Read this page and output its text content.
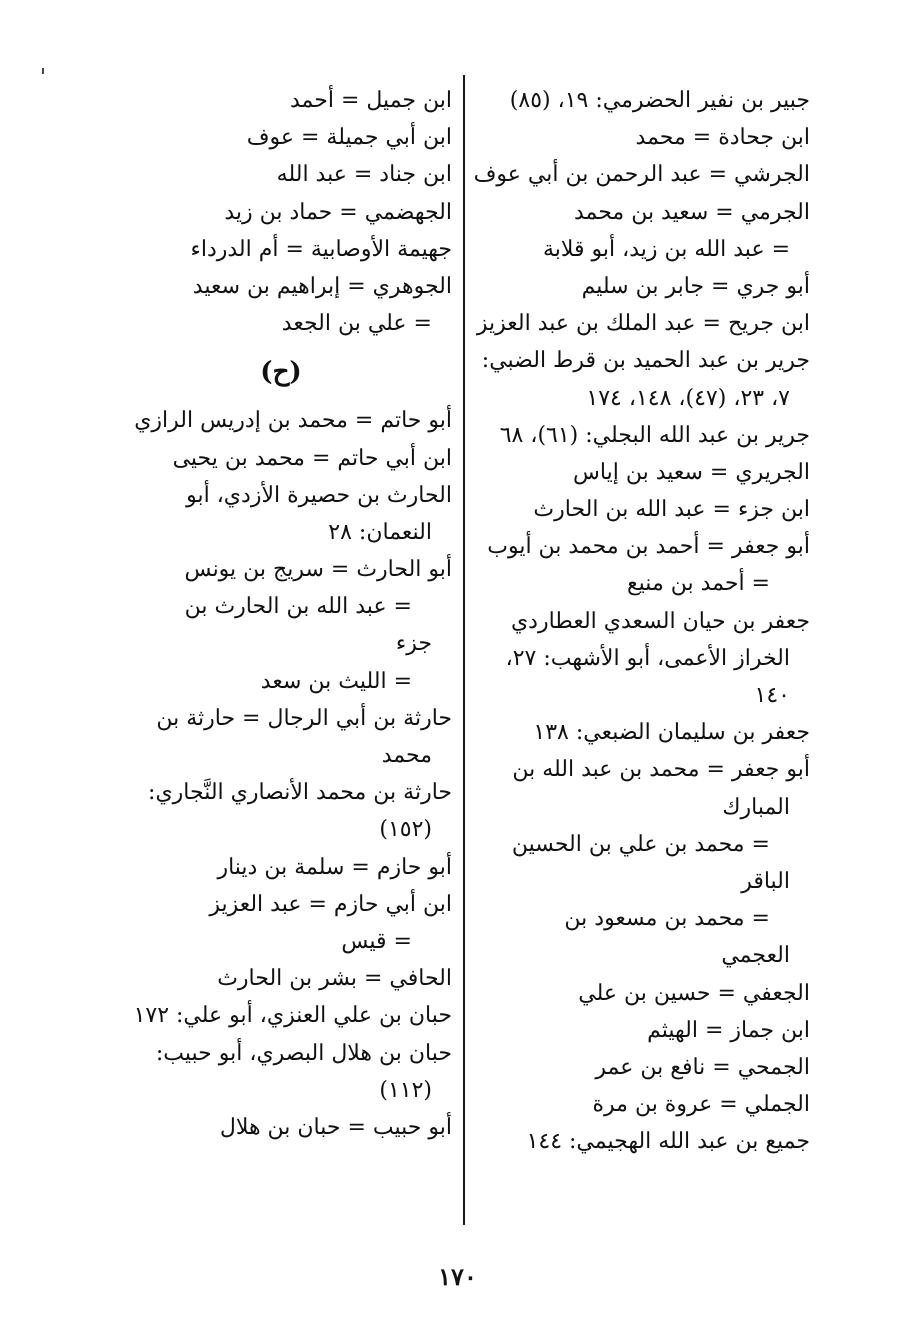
جبير بن نفير الحضرمي: ١٩، (٨٥)
ابن جحادة = محمد
الجرشي = عبد الرحمن بن أبي عوف
الجرمي = سعيد بن محمد
= عبد الله بن زيد، أبو قلابة
أبو جري = جابر بن سليم
ابن جريح = عبد الملك بن عبد العزيز
جرير بن عبد الحميد بن قرط الضبي:
٧، ٢٣، (٤٧)، ١٤٨، ١٧٤
جرير بن عبد الله البجلي: (٦١)، ٦٨
الجريري = سعيد بن إياس
ابن جزء = عبد الله بن الحارث
أبو جعفر = أحمد بن محمد بن أيوب
= أحمد بن منيع
جعفر بن حيان السعدي العطاردي
الخراز الأعمى، أبو الأشهب: ٢٧،
١٤٠
جعفر بن سليمان الضبعي: ١٣٨
أبو جعفر = محمد بن عبد الله بن
المبارك
= محمد بن علي بن الحسين
الباقر
= محمد بن مسعود بن
العجمي
الجعفي = حسين بن علي
ابن جماز = الهيثم
الجمحي = نافع بن عمر
الجملي = عروة بن مرة
جميع بن عبد الله الهجيمي: ١٤٤
ابن جميل = أحمد
ابن أبي جميلة = عوف
ابن جناد = عبد الله
الجهضمي = حماد بن زيد
جهيمة الأوصابية = أم الدرداء
الجوهري = إبراهيم بن سعيد
= علي بن الجعد
(ح)
أبو حاتم = محمد بن إدريس الرازي
ابن أبي حاتم = محمد بن يحيى
الحارث بن حصيرة الأزدي، أبو
النعمان: ٢٨
أبو الحارث = سريج بن يونس
= عبد الله بن الحارث بن
جزء
= الليث بن سعد
حارثة بن أبي الرجال = حارثة بن
محمد
حارثة بن محمد الأنصاري النَّجاري:
(١٥٢)
أبو حازم = سلمة بن دينار
ابن أبي حازم = عبد العزيز
= قيس
الحافي = بشر بن الحارث
حبان بن علي العنزي، أبو علي: ١٧٢
حبان بن هلال البصري، أبو حبيب:
(١١٢)
أبو حبيب = حبان بن هلال
١٧٠
